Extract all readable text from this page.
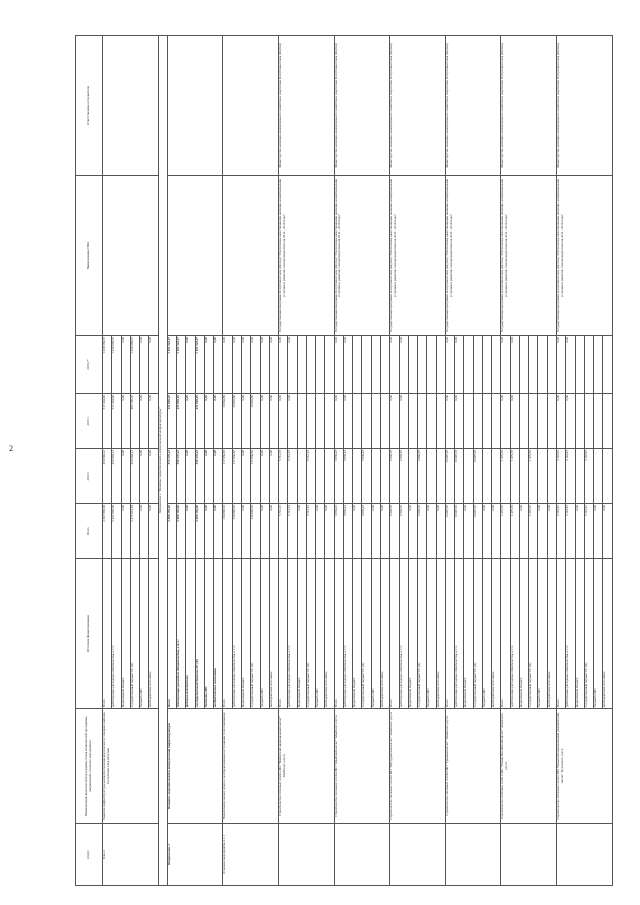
2
Статус	Наименование Комплексной программы, блока Комплексной программы, направлений, основного мероприятия	Источник финансирования	Всего	2014 г.	2015 г.	2016 г.*	Наименование НПА	Ответственные исполнители
Блок 2	Развитие инфраструктуры жизнеобеспечения арктических и северных районов Республики Саха (Якутия)	Всего	2 307 805,69	450 694,12	517 444,00	1 339 669,57		
		действующие расходные обязательства, в т.ч.:	2 307 805,69	450 694,12	517 444,00	1 339 669,57		
		федеральный бюджет	0,00	0,00	0,00	0,00		
		государственный бюджет РС (Я)	2 275 914,79	450 694,12	485 748,10	1 339 669,57		
		бюджеты МО	0,00	0,00	0,00	0,00		
		внебюджетные источники	0,00	0,00	0,00	0,00		
Направление 1 "Развитие энергетической и коммунальной инфраструктуры"								
Направление 1	Развитие энергетической и коммунальной инфраструктуры	Всего	2 098 150,60	570 135,43	431 892,20	1 101 522,07		
		действующие расходные обязательства, в т.ч.:	2 098 150,60	559 135,43	431 892,20	1 101 522,07		
		федеральный бюджет	0,00	0,00	0,00	0,00		
		государственный бюджет РС (Я)	2 098 150,60	559 135,43	431 892,20	1 101 522,07		
		бюджеты МО	0,00	0,00	0,00	0,00		
		внебюджетные источники	0,00	0,00	0,00	0,00		
Основное мероприятие 2.1.1	Подключение жилых домов к централизованным источникам теплоснабжения	Всего	130 893,63	117 050,83	13 842,80	0,00		
		действующие расходные обязательства, в т.ч.:	130 893,63	117 050,83	13 842,80	0,00		
		федеральный бюджет	0,00	0,00	0,00	0,00		
		государственный бюджет РС (Я)	130 893,63	117 050,83	13 842,80	0,00		
		бюджеты МО	0,00	0,00	0,00	0,00		
		внебюджетные источники	0,00	0,00	0,00	0,00		
	Строительство тепловых сетей в МО "Майорский национальный наслег" Абыйского улуса	Всего	5 712,15	5 712,15	0,00	0,00	Государственная программа Республики Саха (Якутия) "Обеспечение качественными жилищно-коммунальными услугами и развитие электроэнергетики на 2012 - 2019 годы"	Министерство жилищно-коммунального хозяйства и энергетики Республики Саха (Якутия)
		действующие расходные обязательства, в т.ч.:	5 712,15	5 712,15	0,00	0,00		
		федеральный бюджет	0,00					
		государственный бюджет РС (Я)	5 712,15	5 712,15				
		бюджеты МО	0,00					
		внебюджетные источники	0,00					
	Строительство тепловых сетей в МО "Абыйский наслег" Абыйского улуса	Всего	3 836,43	3 836,43	0,00	0,00	Государственная программа Республики Саха (Якутия) "Обеспечение качественными жилищно-коммунальными услугами и развитие электроэнергетики на 2012 - 2019 годы"	Министерство жилищно-коммунального хозяйства и энергетики Республики Саха (Якутия)
		действующие расходные обязательства, в т.ч.:	3 836,43	3 836,43	0,00	0,00		
		федеральный бюджет	0,00					
		государственный бюджет РС (Я)	3 836,43	3 836,43				
		бюджеты МО	0,00					
		внебюджетные источники	0,00					
	Строительство тепловых сетей в МО "Мугурдахский наслег" Абыйского улуса	Всего	2 803,55	2 803,55	0,00	0,00	Государственная программа Республики Саха (Якутия) "Обеспечение качественными жилищно-коммунальными услугами и развитие электроэнергетики на 2012 - 2019 годы"	Министерство жилищно-коммунального хозяйства и энергетики Республики Саха (Якутия)
		действующие расходные обязательства, в т.ч.:	2 803,55	2 803,55	0,00	0,00		
		федеральный бюджет	0,00					
		государственный бюджет РС (Я)	2 803,55	2 803,55				
		бюджеты МО	0,00					
		внебюджетные источники	0,00					
	Строительство тепловых сетей в МО "Урицкий наслег" Абыйского улуса	Всего	13 997,65	13 997,65	0,00	0,00	Государственная программа Республики Саха (Якутия) "Обеспечение качественными жилищно-коммунальными услугами и развитие электроэнергетики на 2012 - 2019 годы"	Министерство жилищно-коммунального хозяйства и энергетики Республики Саха (Якутия)
		действующие расходные обязательства, в т.ч.:	13 997,65	13 997,65	0,00	0,00		
		федеральный бюджет	0,00					
		государственный бюджет РС (Я)	13 997,65	13 997,65				
		бюджеты МО	0,00					
		внебюджетные источники	0,00					
	Строительство тепловых сетей в МО "Улахан-Чистайский наслег" Абыйского улуса	Всего	1 475,55	1 475,55	0,00	0,00	Государственная программа Республики Саха (Якутия) "Обеспечение качественными жилищно-коммунальными услугами и развитие электроэнергетики на 2012 - 2019 годы"	Министерство жилищно-коммунального хозяйства и энергетики Республики Саха (Якутия)
		действующие расходные обязательства, в т.ч.:	1 475,55	1 475,55	0,00	0,00		
		федеральный бюджет	0,00					
		государственный бюджет РС (Я)	1 475,55	1 475,55				
		бюджеты МО	0,00					
		внебюджетные источники	0,00					
	Строительство тепловых сетей в МО "Балыкчий национальный (эвенкийский) наслег" Булунского улуса	Всего	3 110,91	3 110,91	0,00	0,00	Государственная программа Республики Саха (Якутия) "Обеспечение качественными жилищно-коммунальными услугами и развитие электроэнергетики на 2012 - 2019 годы"	Министерство жилищно-коммунального хозяйства и энергетики Республики Саха (Якутия)
		действующие расходные обязательства, в т.ч.:	3 110,91	3 110,91	0,00	0,00		
		федеральный бюджет	0,00					
		государственный бюджет РС (Я)	3 110,91	3 110,91				
		бюджеты МО	0,00					
		внебюджетные источники	0,00					
